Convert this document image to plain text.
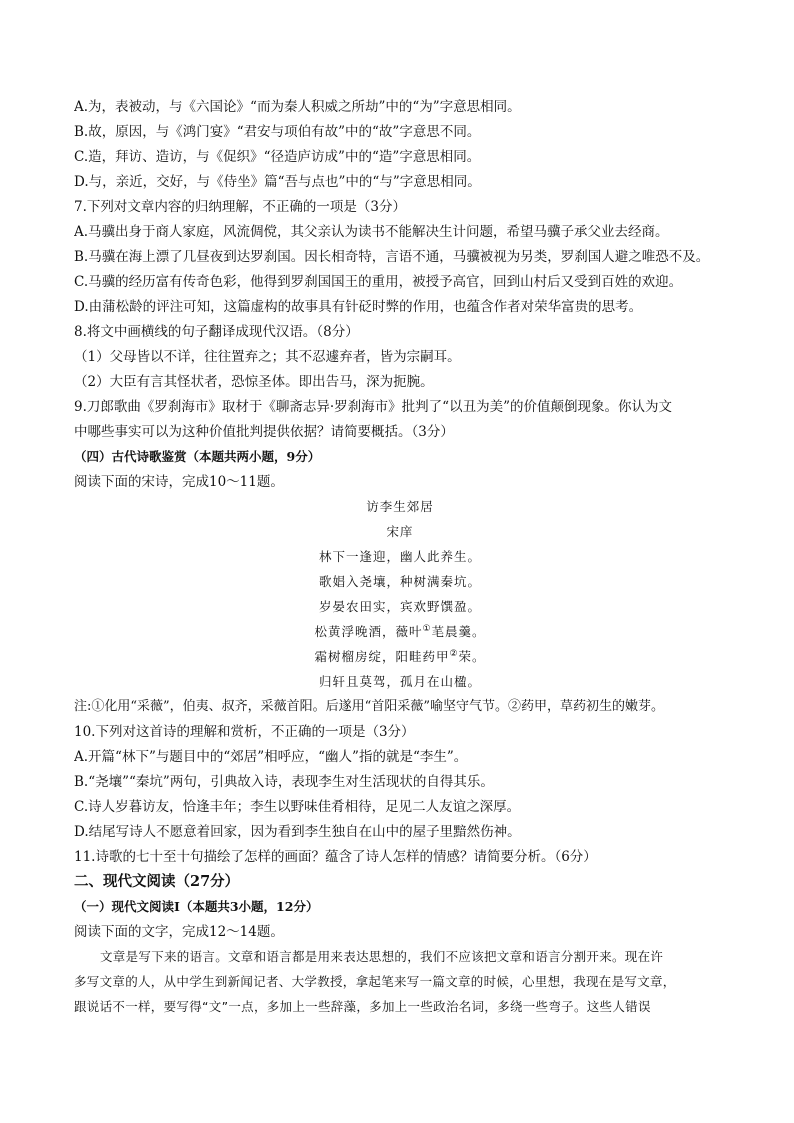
A.为，表被动，与《六国论》“而为秦人积威之所劫”中的“为”字意思相同。
B.故，原因，与《鸿门宴》“君安与项伯有故”中的“故”字意思不同。
C.造，拜访、造访，与《促织》“径造庐访成”中的“造”字意思相同。
D.与，亲近，交好，与《侍坐》篇“吾与点也”中的“与”字意思相同。
7.下列对文章内容的归纳理解，不正确的一项是（3分）
A.马骥出身于商人家庭，风流倜傥，其父亲认为读书不能解决生计问题，希望马骥子承父业去经商。
B.马骥在海上漂了几昼夜到达罗刹国。因长相奇特，言语不通，马骥被视为另类，罗刹国人避之唯恐不及。
C.马骥的经历富有传奇色彩，他得到罗刹国国王的重用，被授予高官，回到山村后又受到百姓的欢迎。
D.由蒲松龄的评注可知，这篇虚构的故事具有针砭时弊的作用，也蕴含作者对荣华富贵的思考。
8.将文中画横线的句子翻译成现代汉语。（8分）
（1）父母皆以不详，往往置弃之；其不忍遽弃者，皆为宗嗣耳。
（2）大臣有言其怪状者，恐惊圣体。即出告马，深为扼腕。
9.刀郎歌曲《罗刹海市》取材于《聊斋志异·罗刹海市》批判了“以丑为美”的价值颠倒现象。你认为文
中哪些事实可以为这种价值批判提供依据？请简要概括。（3分）
（四）古代诗歌鉴赏（本题共两小题，9分）
阅读下面的宋诗，完成10～11题。
访李生郊居
宋庠
林下一逢迎，幽人此养生。
歌娼入尧壤，种树满秦坑。
岁晏农田实，宾欢野馔盈。
松黄浮晚酒，薇叶①芼晨羹。
霜树榴房绽，阳畦药甲②荣。
归轩且莫驾，孤月在山楹。
注:①化用“采薇”，伯夷、叔齐，采薇首阳。后遂用“首阳采薇”喻坚守气节。②药甲，草药初生的嫩芽。
10.下列对这首诗的理解和赏析，不正确的一项是（3分）
A.开篇“林下”与题目中的“郊居”相呼应，“幽人”指的就是“李生”。
B.“尧壤”“秦坑”两句，引典故入诗，表现李生对生活现状的自得其乐。
C.诗人岁暮访友，恰逢丰年；李生以野味佳肴相待，足见二人友谊之深厚。
D.结尾写诗人不愿意着回家，因为看到李生独自在山中的屋子里黯然伤神。
11.诗歌的七十至十句描绘了怎样的画面？蕴含了诗人怎样的情感？请简要分析。（6分）
二、现代文阅读（27分）
（一）现代文阅读Ⅰ（本题共3小题，12分）
阅读下面的文字，完成12～14题。
文章是写下来的语言。文章和语言都是用来表达思想的，我们不应该把文章和语言分割开来。现在许
多写文章的人，从中学生到新闻记者、大学教授，拿起笔来写一篇文章的时候，心里想，我现在是写文章，
跟说话不一样，要写得“文”一点，多加上一些辞藻，多加上一些政治名词，多绕一些弯子。这些人错误
